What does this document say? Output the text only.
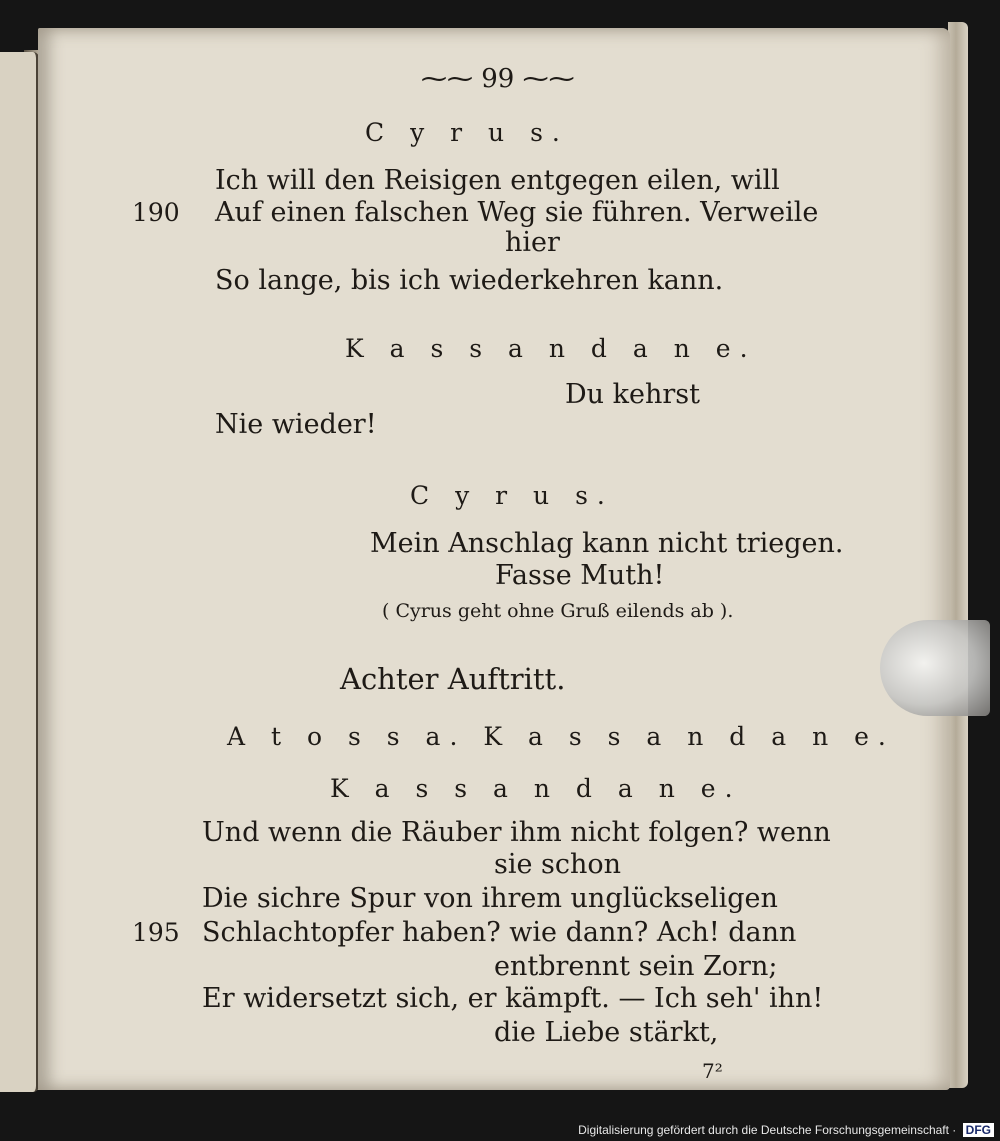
⁓⁓ 99 ⁓⁓
C y r u s.
Ich will den Reisigen entgegen eilen, will
190 Auf einen falschen Weg sie führen. Verweile
hier
So lange, bis ich wiederkehren kann.
K a s s a n d a n e.
Du kehrst
Nie wieder!
C y r u s.
Mein Anschlag kann nicht triegen.
Fasse Muth!
( Cyrus geht ohne Gruß eilends ab ).
Achter Auftritt.
A t o s s a. K a s s a n d a n e.
K a s s a n d a n e.
Und wenn die Räuber ihm nicht folgen? wenn
sie schon
Die sichre Spur von ihrem unglückseligen
195 Schlachtopfer haben? wie dann? Ach! dann
entbrennt sein Zorn;
Er widersetzt sich, er kämpft. — Ich seh' ihn!
die Liebe stärkt,
7²
Digitalisierung gefördert durch die Deutsche Forschungsgemeinschaft · DFG
